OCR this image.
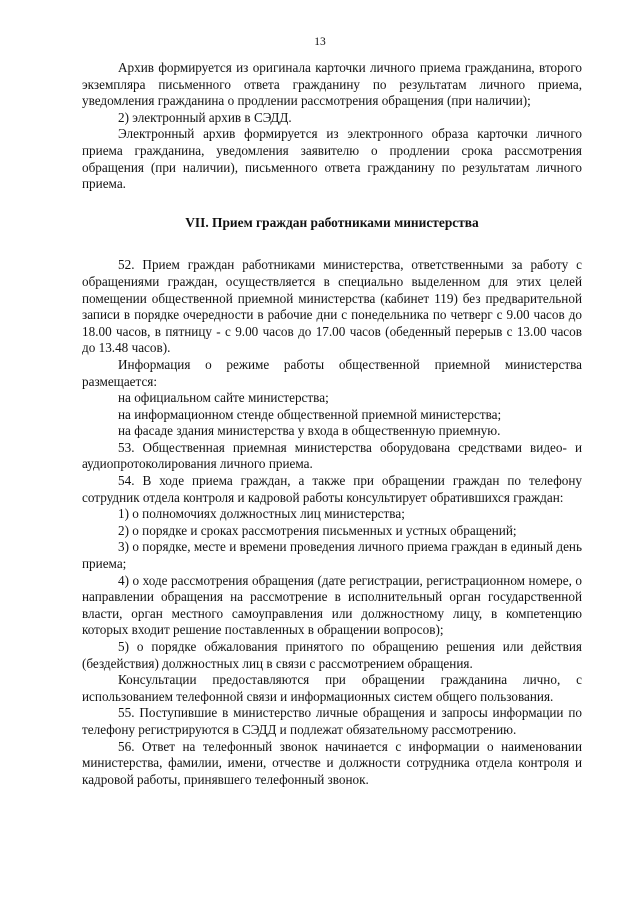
13

Архив формируется из оригинала карточки личного приема гражданина, второго экземпляра письменного ответа гражданину по результатам личного приема, уведомления гражданина о продлении рассмотрения обращения (при наличии);

2) электронный архив в СЭДД.

Электронный архив формируется из электронного образа карточки личного приема гражданина, уведомления заявителю о продлении срока рассмотрения обращения (при наличии), письменного ответа гражданину по результатам личного приема.

VII. Прием граждан работниками министерства

52. Прием граждан работниками министерства, ответственными за работу с обращениями граждан, осуществляется в специально выделенном для этих целей помещении общественной приемной министерства (кабинет 119) без предварительной записи в порядке очередности в рабочие дни с понедельника по четверг с 9.00 часов до 18.00 часов, в пятницу - с 9.00 часов до 17.00 часов (обеденный перерыв с 13.00 часов до 13.48 часов).

Информация о режиме работы общественной приемной министерства размещается:

на официальном сайте министерства;

на информационном стенде общественной приемной министерства;

на фасаде здания министерства у входа в общественную приемную.

53. Общественная приемная министерства оборудована средствами видео- и аудиопротоколирования личного приема.

54. В ходе приема граждан, а также при обращении граждан по телефону сотрудник отдела контроля и кадровой работы консультирует обратившихся граждан:

1) о полномочиях должностных лиц министерства;

2) о порядке и сроках рассмотрения письменных и устных обращений;

3) о порядке, месте и времени проведения личного приема граждан в единый день приема;

4) о ходе рассмотрения обращения (дате регистрации, регистрационном номере, о направлении обращения на рассмотрение в исполнительный орган государственной власти, орган местного самоуправления или должностному лицу, в компетенцию которых входит решение поставленных в обращении вопросов);

5) о порядке обжалования принятого по обращению решения или действия (бездействия) должностных лиц в связи с рассмотрением обращения.

Консультации предоставляются при обращении гражданина лично, с использованием телефонной связи и информационных систем общего пользования.

55. Поступившие в министерство личные обращения и запросы информации по телефону регистрируются в СЭДД и подлежат обязательному рассмотрению.

56. Ответ на телефонный звонок начинается с информации о наименовании министерства, фамилии, имени, отчестве и должности сотрудника отдела контроля и кадровой работы, принявшего телефонный звонок.
